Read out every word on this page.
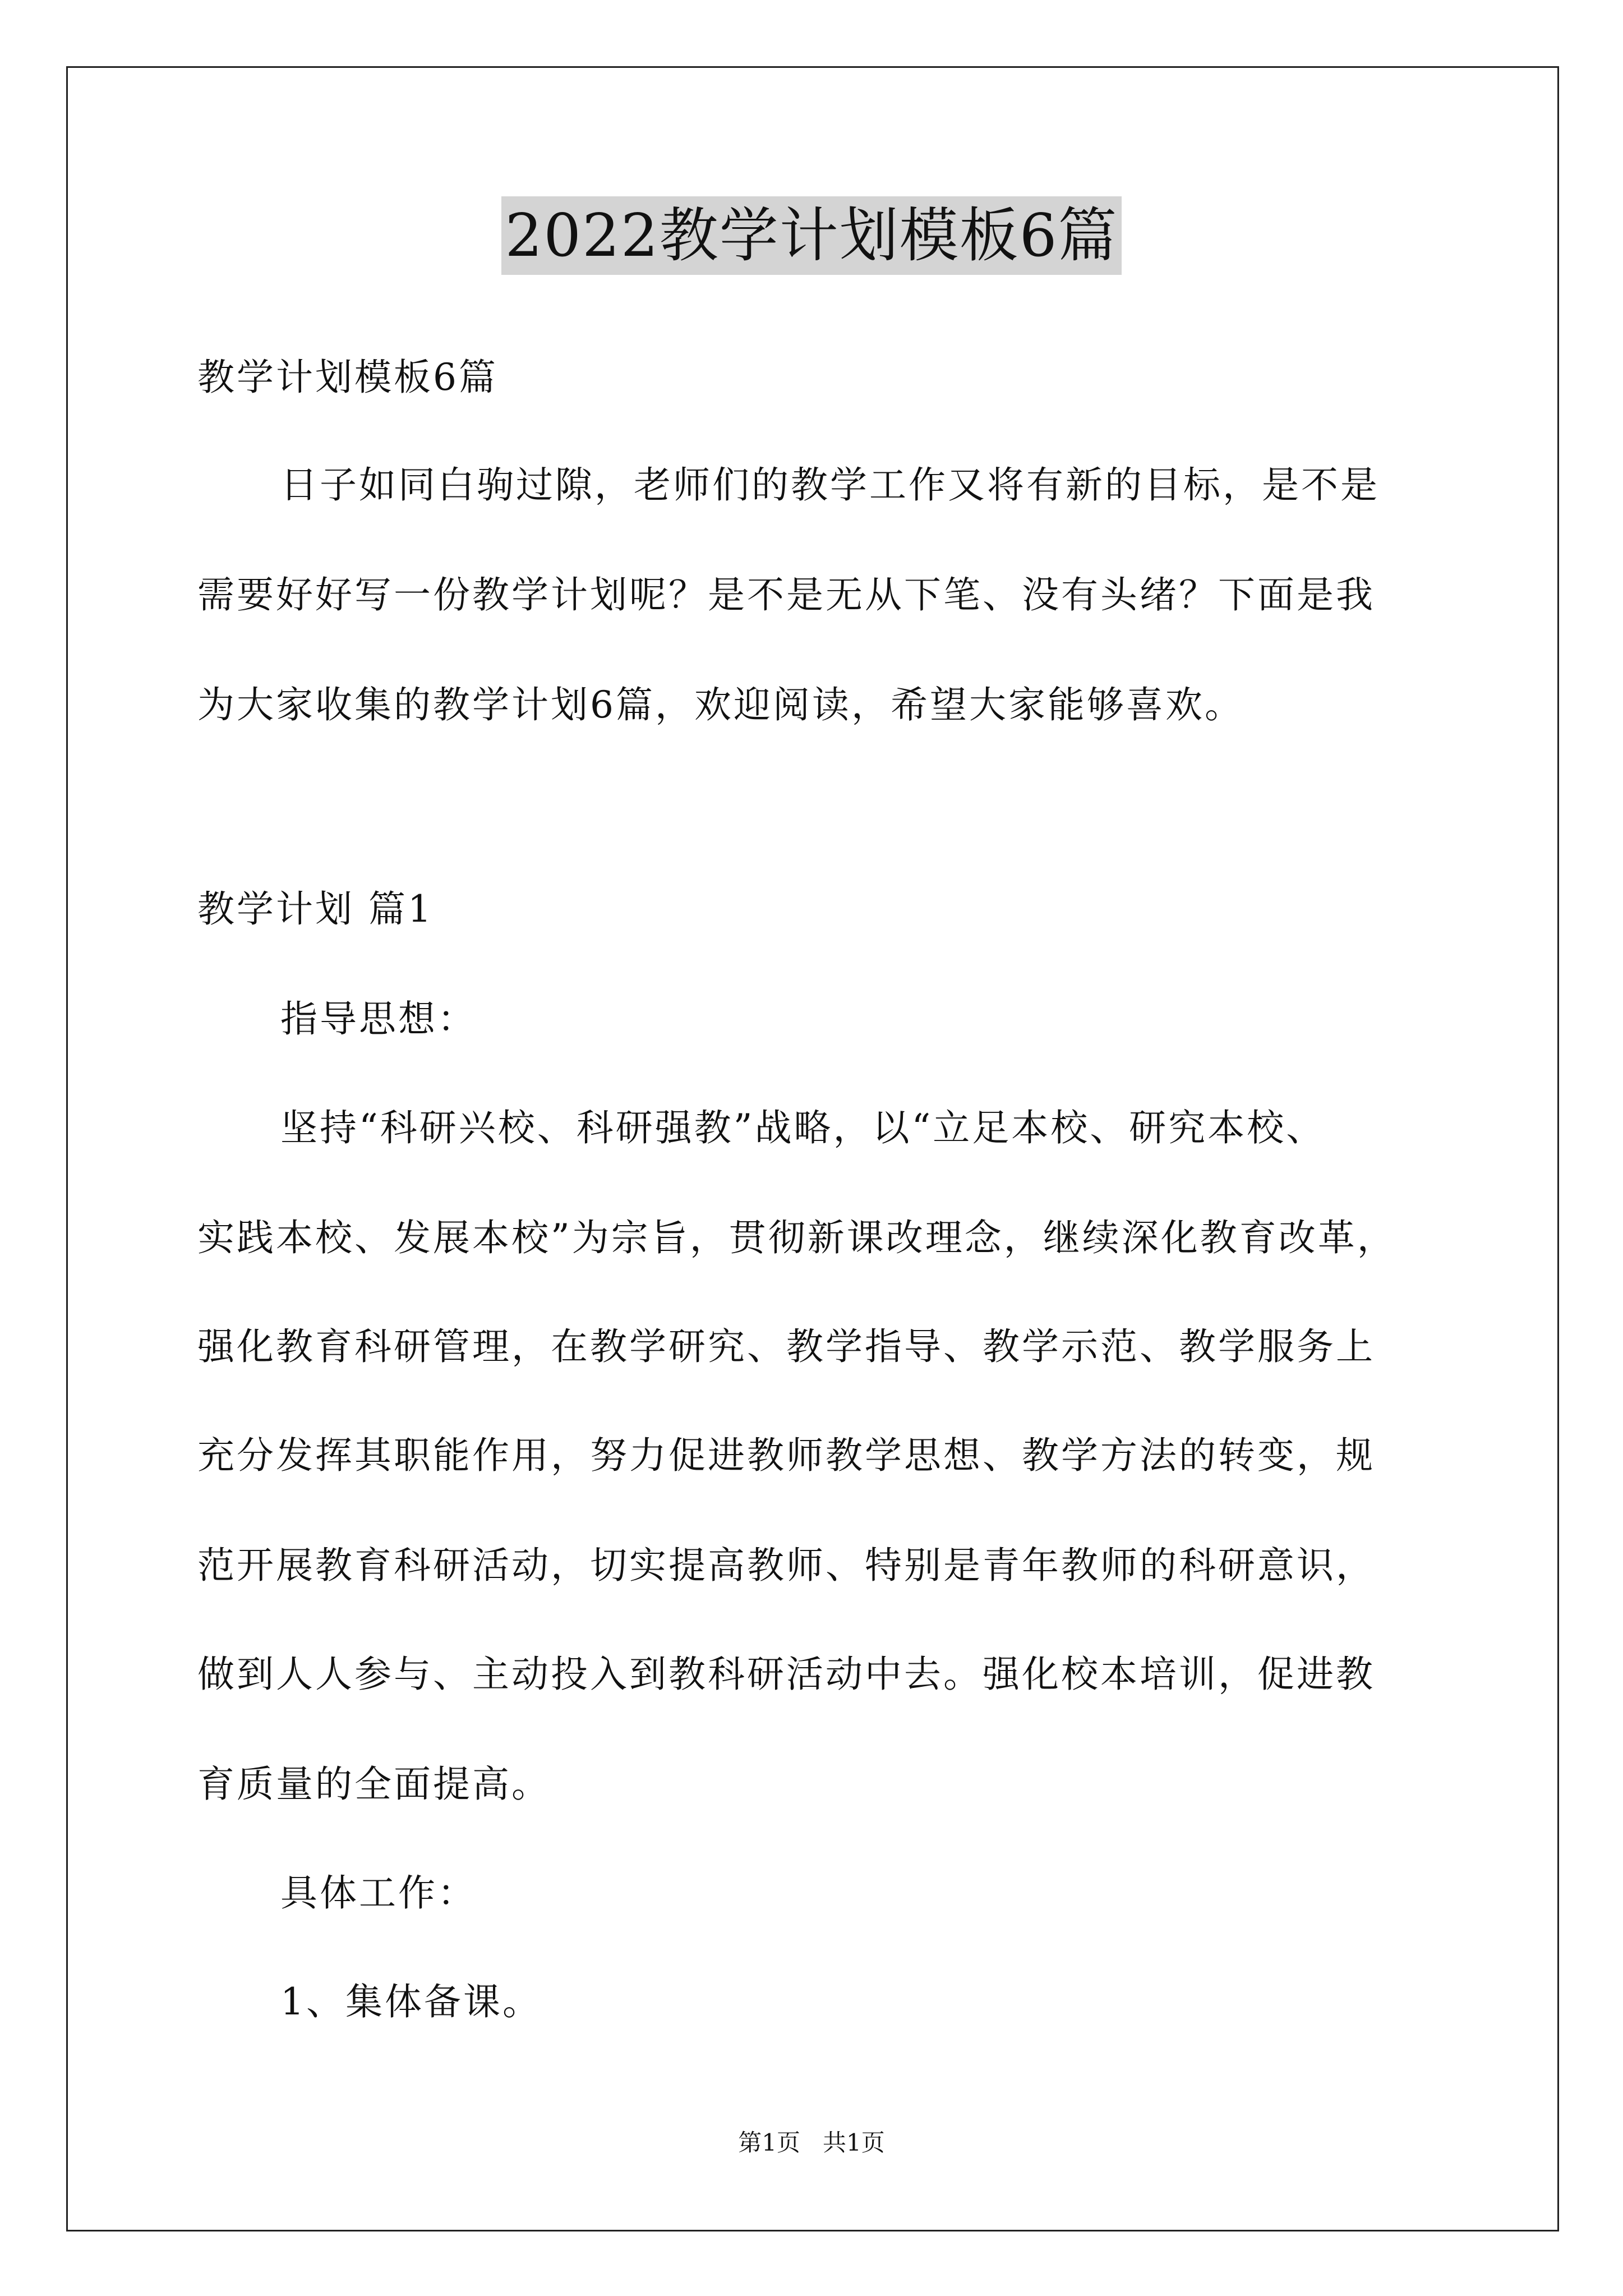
2022教学计划模板6篇
教学计划模板6篇
日子如同白驹过隙，老师们的教学工作又将有新的目标，是不是
需要好好写一份教学计划呢？是不是无从下笔、没有头绪？下面是我
为大家收集的教学计划6篇，欢迎阅读，希望大家能够喜欢。
教学计划 篇1
指导思想：
坚持“科研兴校、科研强教”战略，以“立足本校、研究本校、
实践本校、发展本校”为宗旨，贯彻新课改理念，继续深化教育改革，
强化教育科研管理，在教学研究、教学指导、教学示范、教学服务上
充分发挥其职能作用，努力促进教师教学思想、教学方法的转变，规
范开展教育科研活动，切实提高教师、特别是青年教师的科研意识，
做到人人参与、主动投入到教科研活动中去。强化校本培训，促进教
育质量的全面提高。
具体工作：
1、集体备课。
第1页 共1页
